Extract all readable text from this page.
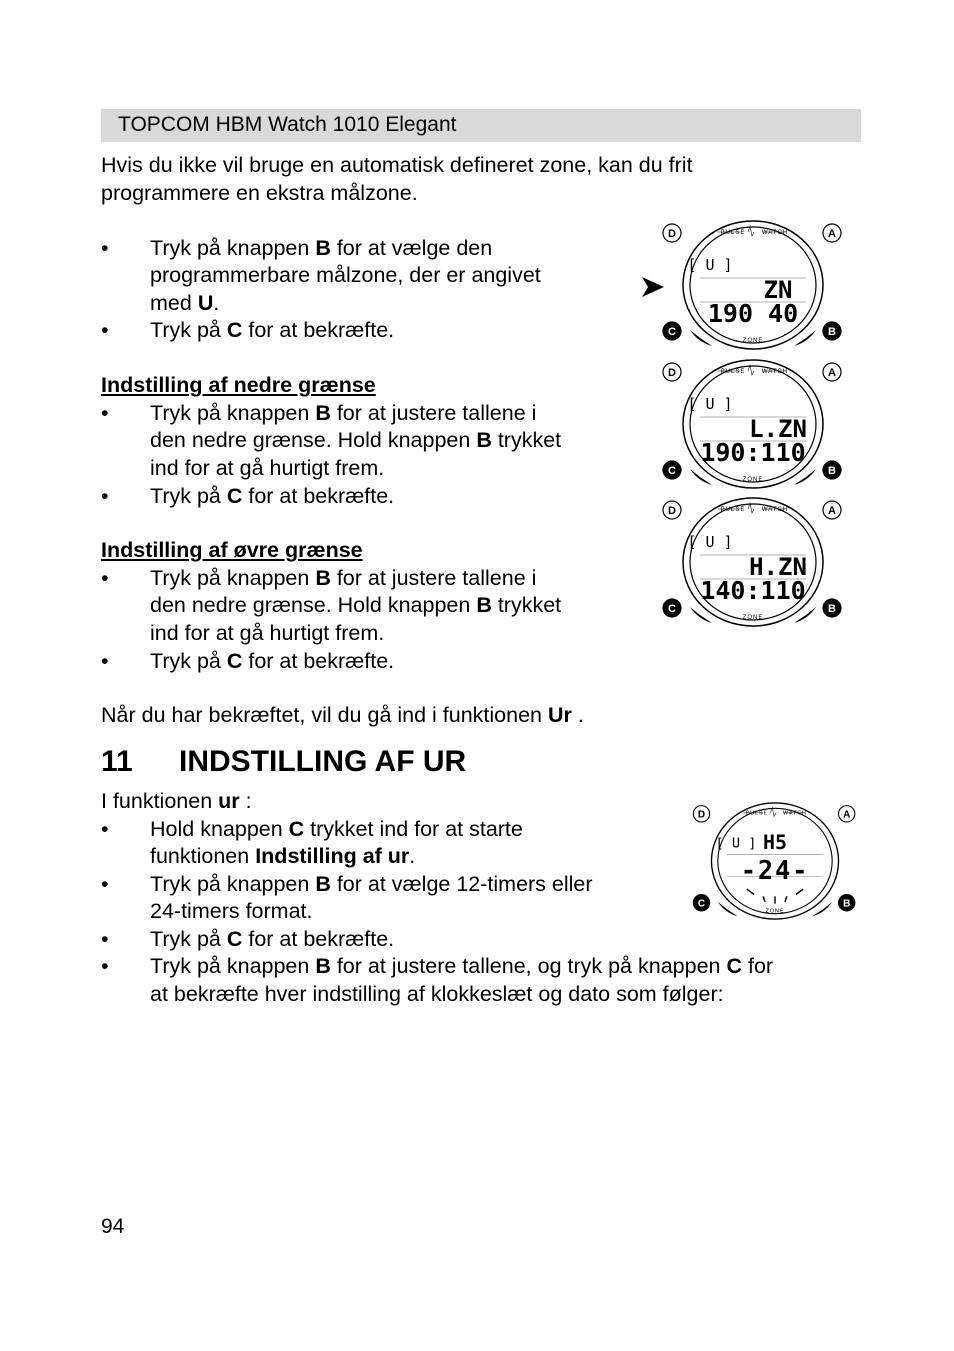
TOPCOM HBM Watch 1010 Elegant

Hvis du ikke vil bruge en automatisk defineret zone, kan du frit

programmere en ekstra målzone.

• Tryk på knappen B for at vælge den
programmerbare målzone, der er angivet
med U.
• Tryk på C for at bekræfte.
Indstilling af nedre grænse
• Tryk på knappen B for at justere tallene i
den nedre grænse. Hold knappen B trykket
ind for at gå hurtigt frem.
• Tryk på C for at bekræfte.
Indstilling af øvre grænse
• Tryk på knappen B for at justere tallene i
den nedre grænse. Hold knappen B trykket
ind for at gå hurtigt frem.
• Tryk på C for at bekræfte.

Når du har bekræftet, vil du gå ind i funktionen Ur .

11 INDSTILLING AF UR

I funktionen ur :

• Hold knappen C trykket ind for at starte
funktionen Indstilling af ur.
• Tryk på knappen B for at vælge 12-timers eller
24-timers format.
• Tryk på C for at bekræfte.
• Tryk på knappen B for at justere tallene, og tryk på knappen C for
at bekræfte hver indstilling af klokkeslæt og dato som følger:
94
PULSE	WATCH
[ U ]
ZN
190 40
ZONE
D	A
C	B
PULSE	WATCH
[ U ]
L.ZN
190:110
ZONE
D	A
C	B
PULSE	WATCH
[ U ]
H.ZN
140:110
ZONE
D	A
C	B
PULSE WATCH
[ U ] H5
-24-
ZONE
D	A
C	B
